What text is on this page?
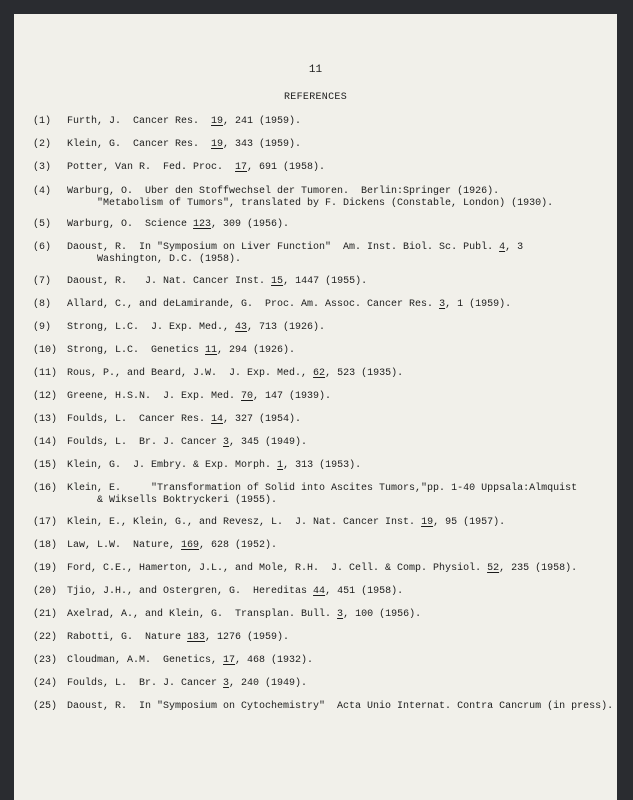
11
REFERENCES
(1) Furth, J.  Cancer Res.  19, 241 (1959).
(2) Klein, G.  Cancer Res.  19, 343 (1959).
(3) Potter, Van R.  Fed. Proc.  17, 691 (1958).
(4) Warburg, O.  Uber den Stoffwechsel der Tumoren.  Berlin:Springer (1926).
"Metabolism of Tumors", translated by F. Dickens (Constable, London) (1930).
(5) Warburg, O.  Science 123, 309 (1956).
(6) Daoust, R.  In "Symposium on Liver Function"  Am. Inst. Biol. Sc. Publ. 4, 3
Washington, D.C. (1958).
(7) Daoust, R.   J. Nat. Cancer Inst. 15, 1447 (1955).
(8) Allard, C., and deLamirande, G.  Proc. Am. Assoc. Cancer Res. 3, 1 (1959).
(9) Strong, L.C.  J. Exp. Med., 43, 713 (1926).
(10) Strong, L.C.  Genetics 11, 294 (1926).
(11) Rous, P., and Beard, J.W.  J. Exp. Med., 62, 523 (1935).
(12) Greene, H.S.N.  J. Exp. Med. 70, 147 (1939).
(13) Foulds, L.  Cancer Res. 14, 327 (1954).
(14) Foulds, L.  Br. J. Cancer 3, 345 (1949).
(15) Klein, G.  J. Embry. & Exp. Morph. 1, 313 (1953).
(16) Klein, E.     "Transformation of Solid into Ascites Tumors,"pp. 1-40 Uppsala:Almquist
& Wiksells Boktryckeri (1955).
(17) Klein, E., Klein, G., and Revesz, L.  J. Nat. Cancer Inst. 19, 95 (1957).
(18) Law, L.W.  Nature, 169, 628 (1952).
(19) Ford, C.E., Hamerton, J.L., and Mole, R.H.  J. Cell. & Comp. Physiol. 52, 235 (1958).
(20) Tjio, J.H., and Ostergren, G.  Hereditas 44, 451 (1958).
(21) Axelrad, A., and Klein, G.  Transplan. Bull. 3, 100 (1956).
(22) Rabotti, G.  Nature 183, 1276 (1959).
(23) Cloudman, A.M.  Genetics, 17, 468 (1932).
(24) Foulds, L.  Br. J. Cancer 3, 240 (1949).
(25) Daoust, R.  In "Symposium on Cytochemistry"  Acta Unio Internat. Contra Cancrum (in press).
